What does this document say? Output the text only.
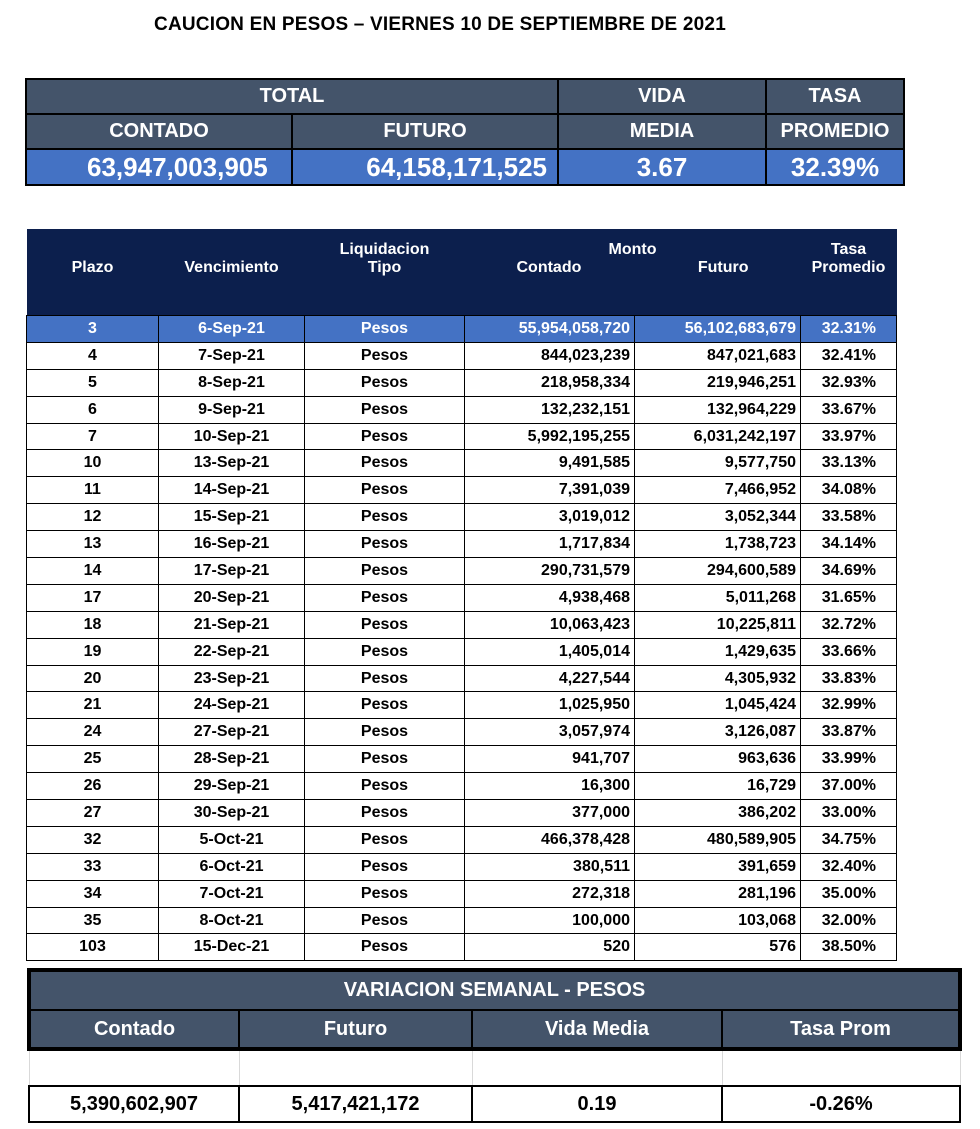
CAUCION EN PESOS – VIERNES 10 DE SEPTIEMBRE DE 2021
TOTAL		VIDA	TASA
CONTADO	FUTURO	MEDIA	PROMEDIO
63,947,003,905	64,158,171,525	3.67	32.39%
		Liquidacion	Monto		Tasa
Plazo	Vencimiento	Tipo	Contado	Futuro	Promedio

3	6-Sep-21	Pesos	55,954,058,720	56,102,683,679	32.31%
4	7-Sep-21	Pesos	844,023,239	847,021,683	32.41%
5	8-Sep-21	Pesos	218,958,334	219,946,251	32.93%
6	9-Sep-21	Pesos	132,232,151	132,964,229	33.67%
7	10-Sep-21	Pesos	5,992,195,255	6,031,242,197	33.97%
10	13-Sep-21	Pesos	9,491,585	9,577,750	33.13%
11	14-Sep-21	Pesos	7,391,039	7,466,952	34.08%
12	15-Sep-21	Pesos	3,019,012	3,052,344	33.58%
13	16-Sep-21	Pesos	1,717,834	1,738,723	34.14%
14	17-Sep-21	Pesos	290,731,579	294,600,589	34.69%
17	20-Sep-21	Pesos	4,938,468	5,011,268	31.65%
18	21-Sep-21	Pesos	10,063,423	10,225,811	32.72%
19	22-Sep-21	Pesos	1,405,014	1,429,635	33.66%
20	23-Sep-21	Pesos	4,227,544	4,305,932	33.83%
21	24-Sep-21	Pesos	1,025,950	1,045,424	32.99%
24	27-Sep-21	Pesos	3,057,974	3,126,087	33.87%
25	28-Sep-21	Pesos	941,707	963,636	33.99%
26	29-Sep-21	Pesos	16,300	16,729	37.00%
27	30-Sep-21	Pesos	377,000	386,202	33.00%
32	5-Oct-21	Pesos	466,378,428	480,589,905	34.75%
33	6-Oct-21	Pesos	380,511	391,659	32.40%
34	7-Oct-21	Pesos	272,318	281,196	35.00%
35	8-Oct-21	Pesos	100,000	103,068	32.00%
103	15-Dec-21	Pesos	520	576	38.50%
VARIACION SEMANAL - PESOS			
Contado	Futuro	Vida Media	Tasa Prom

5,390,602,907	5,417,421,172	0.19	-0.26%
